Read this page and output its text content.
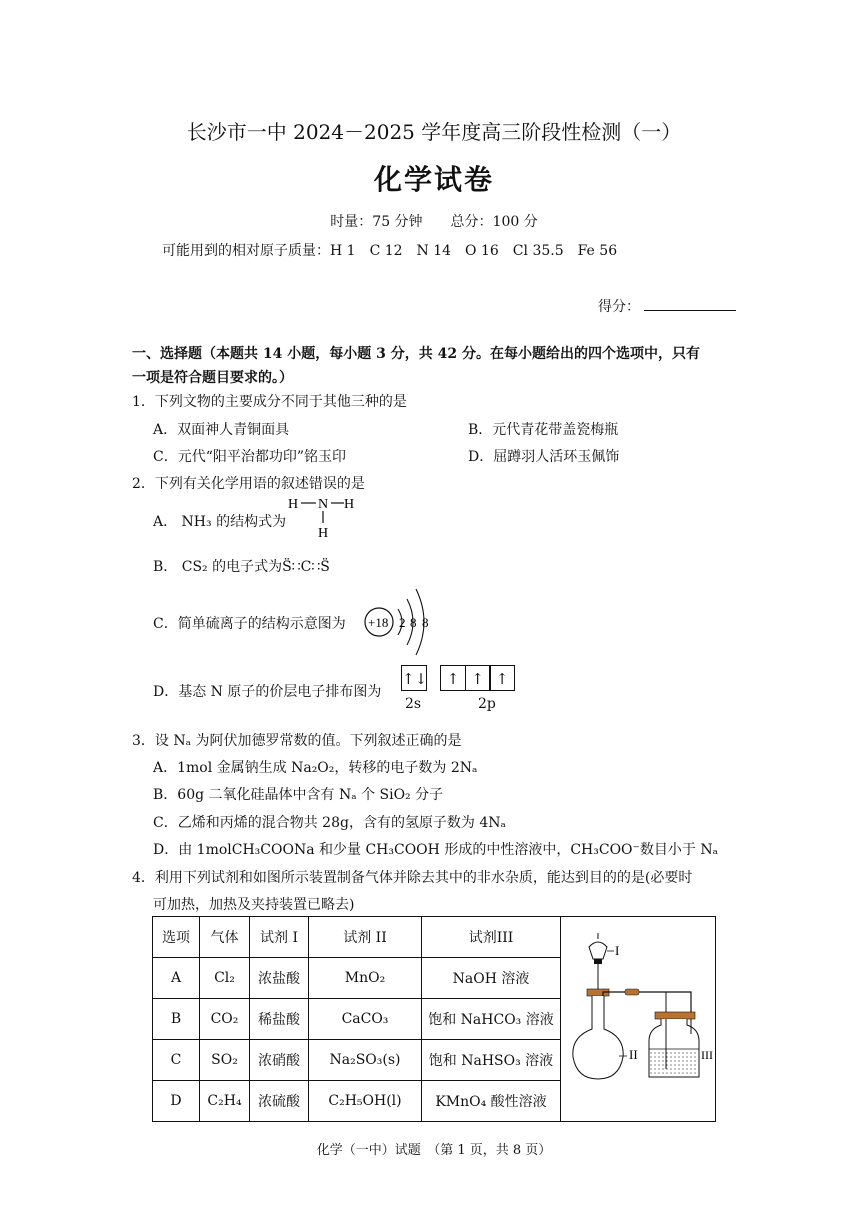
长沙市一中 2024－2025 学年度高三阶段性检测（一）
化学试卷
时量：75 分钟　　总分：100 分
可能用到的相对原子质量：H 1　C 12　N 14　O 16　Cl 35.5　Fe 56
得分：
一、选择题（本题共 14 小题，每小题 3 分，共 42 分。在每小题给出的四个选项中，只有
一项是符合题目要求的。）
1．下列文物的主要成分不同于其他三种的是
A．双面神人青铜面具	B．元代青花带盖瓷梅瓶
C．元代“阳平治都功印”铭玉印	D．屈蹲羽人活环玉佩饰
2．下列有关化学用语的叙述错误的是
A． NH₃ 的结构式为
H N H
H
B． CS₂ 的电子式为S̈∷C∷S̈
C．简单硫离子的结构示意图为 +18 2 8 8
D．基态 N 原子的价层电子排布图为
↑↓	↑ ↑ ↑
2s	2p
3．设 Nₐ 为阿伏加德罗常数的值。下列叙述正确的是
A．1mol 金属钠生成 Na₂O₂，转移的电子数为 2Nₐ
B．60g 二氧化硅晶体中含有 Nₐ 个 SiO₂ 分子
C．乙烯和丙烯的混合物共 28g，含有的氢原子数为 4Nₐ
D．由 1molCH₃COONa 和少量 CH₃COOH 形成的中性溶液中，CH₃COO⁻数目小于 Nₐ
4．利用下列试剂和如图所示装置制备气体并除去其中的非水杂质，能达到目的的是(必要时
可加热，加热及夹持装置已略去)
选项	气体	试剂 I	试剂 II	试剂III	I
II III

A	Cl₂	浓盐酸	MnO₂	NaOH 溶液	
B	CO₂	稀盐酸	CaCO₃	饱和 NaHCO₃ 溶液	
C	SO₂	浓硝酸	Na₂SO₃(s)	饱和 NaHSO₃ 溶液	
D	C₂H₄	浓硫酸	C₂H₅OH(l)	KMnO₄ 酸性溶液	
化学（一中）试题　（第 1 页，共 8 页）
